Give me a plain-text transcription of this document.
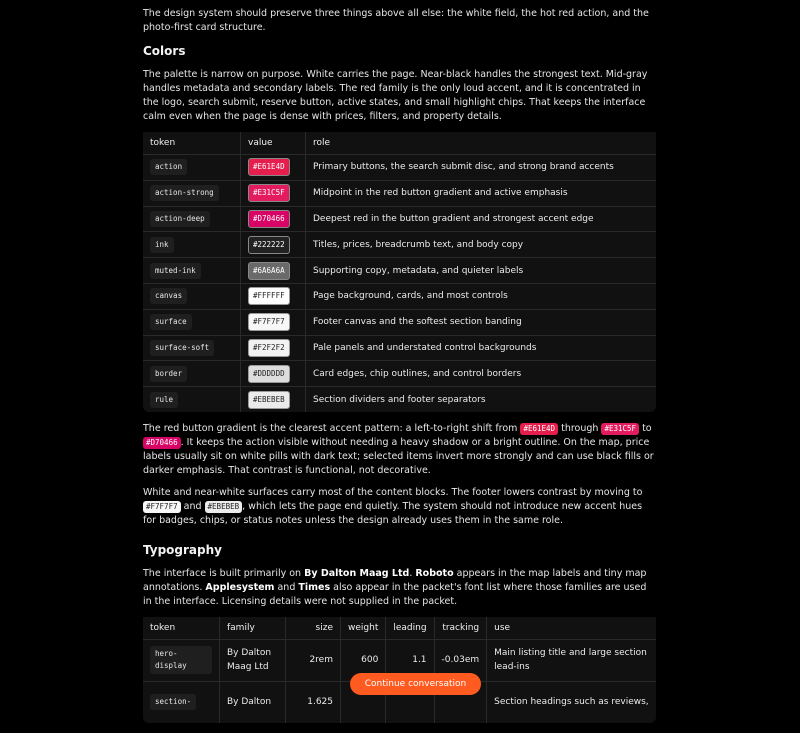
The design system should preserve three things above all else: the white field, the hot red action, and the photo-first card structure.

Colors

The palette is narrow on purpose. White carries the page. Near-black handles the strongest text. Mid-gray handles metadata and secondary labels. The red family is the only loud accent, and it is concentrated in the logo, search submit, reserve button, active states, and small highlight chips. That keeps the interface calm even when the page is dense with prices, filters, and property details.

token	value	role
action	#E61E4D	Primary buttons, the search submit disc, and strong brand accents
action-strong	#E31C5F	Midpoint in the red button gradient and active emphasis
action-deep	#D70466	Deepest red in the button gradient and strongest accent edge
ink	#222222	Titles, prices, breadcrumb text, and body copy
muted-ink	#6A6A6A	Supporting copy, metadata, and quieter labels
canvas	#FFFFFF	Page background, cards, and most controls
surface	#F7F7F7	Footer canvas and the softest section banding
surface-soft	#F2F2F2	Pale panels and understated control backgrounds
border	#DDDDDD	Card edges, chip outlines, and control borders
rule	#EBEBEB	Section dividers and footer separators

The red button gradient is the clearest accent pattern: a left-to-right shift from #E61E4D through #E31C5F to #D70466 . It keeps the action visible without needing a heavy shadow or a bright outline. On the map, price labels usually sit on white pills with dark text; selected items invert more strongly and can use black fills or darker emphasis. That contrast is functional, not decorative.

White and near-white surfaces carry most of the content blocks. The footer lowers contrast by moving to #F7F7F7 and #EBEBEB , which lets the page end quietly. The system should not introduce new accent hues for badges, chips, or status notes unless the design already uses them in the same role.

Typography

The interface is built primarily on By Dalton Maag Ltd. Roboto appears in the map labels and tiny map annotations. Applesystem and Times also appear in the packet's font list where those families are used in the interface. Licensing details were not supplied in the packet.

token	family	size	weight	leading	tracking	use
hero-display	By Dalton Maag Ltd	2rem	600	1.1	-0.03em	Main listing title and large section lead-ins
section-	By Dalton	1.625				Section headings such as reviews,
Continue conversation
